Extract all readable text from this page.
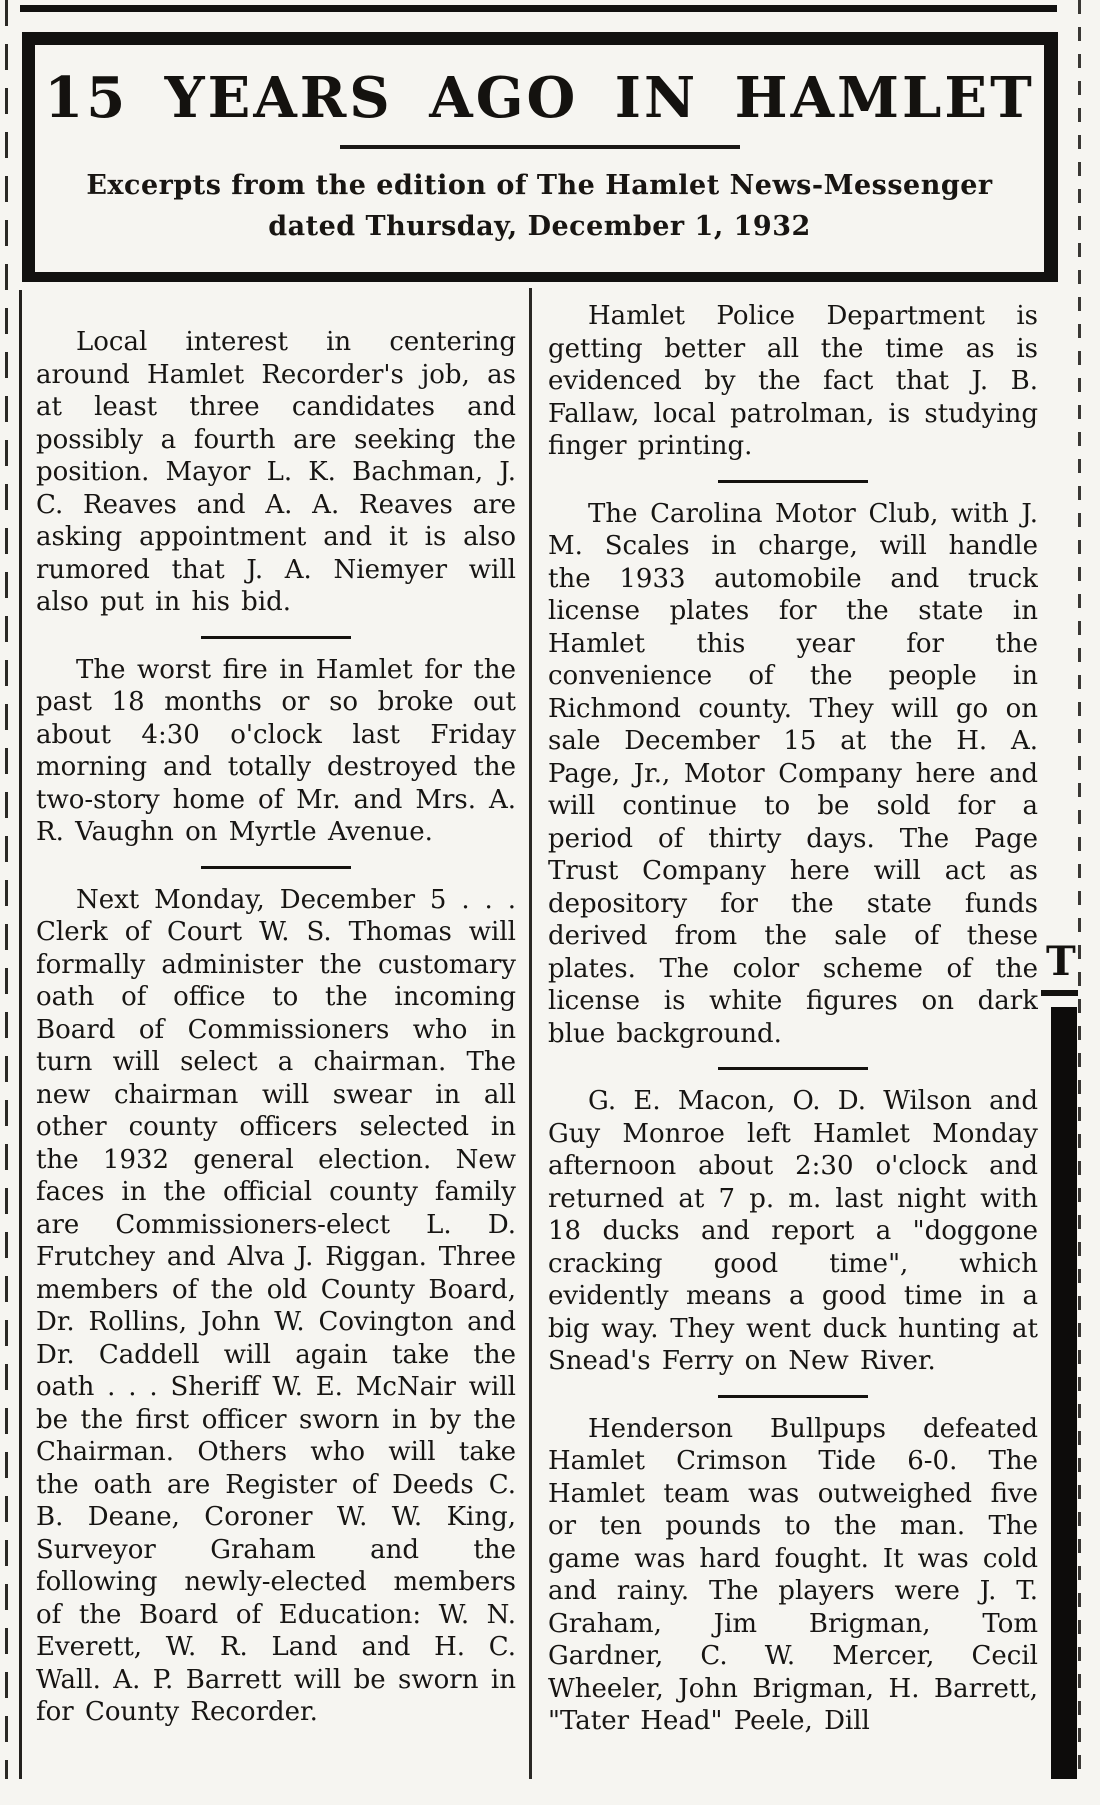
15 YEARS AGO IN HAMLET

Excerpts from the edition of The Hamlet News-Messenger

dated Thursday, December 1, 1932

Local interest in centering around Hamlet Recorder's job, as at least three candidates and possibly a fourth are seeking the position. Mayor L. K. Bachman, J. C. Reaves and A. A. Reaves are asking appointment and it is also rumored that J. A. Niemyer will also put in his bid.

The worst fire in Hamlet for the past 18 months or so broke out about 4:30 o'clock last Friday morning and totally destroyed the two-story home of Mr. and Mrs. A. R. Vaughn on Myrtle Avenue.

Next Monday, December 5 . . . Clerk of Court W. S. Thomas will formally administer the customary oath of office to the incoming Board of Commissioners who in turn will select a chairman. The new chairman will swear in all other county officers selected in the 1932 general election. New faces in the official county family are Commissioners-elect L. D. Frutchey and Alva J. Riggan. Three members of the old County Board, Dr. Rollins, John W. Covington and Dr. Caddell will again take the oath . . . Sheriff W. E. McNair will be the first officer sworn in by the Chairman. Others who will take the oath are Register of Deeds C. B. Deane, Coroner W. W. King, Surveyor Graham and the following newly-elected members of the Board of Education: W. N. Everett, W. R. Land and H. C. Wall. A. P. Barrett will be sworn in for County Recorder.

Hamlet Police Department is getting better all the time as is evidenced by the fact that J. B. Fallaw, local patrolman, is studying finger printing.

The Carolina Motor Club, with J. M. Scales in charge, will handle the 1933 automobile and truck license plates for the state in Hamlet this year for the convenience of the people in Richmond county. They will go on sale December 15 at the H. A. Page, Jr., Motor Company here and will continue to be sold for a period of thirty days. The Page Trust Company here will act as depository for the state funds derived from the sale of these plates. The color scheme of the license is white figures on dark blue background.

G. E. Macon, O. D. Wilson and Guy Monroe left Hamlet Monday afternoon about 2:30 o'clock and returned at 7 p. m. last night with 18 ducks and report a "doggone cracking good time", which evidently means a good time in a big way. They went duck hunting at Snead's Ferry on New River.

Henderson Bullpups defeated Hamlet Crimson Tide 6-0. The Hamlet team was outweighed five or ten pounds to the man. The game was hard fought. It was cold and rainy. The players were J. T. Graham, Jim Brigman, Tom Gardner, C. W. Mercer, Cecil Wheeler, John Brigman, H. Barrett, "Tater Head" Peele, Dill

T
